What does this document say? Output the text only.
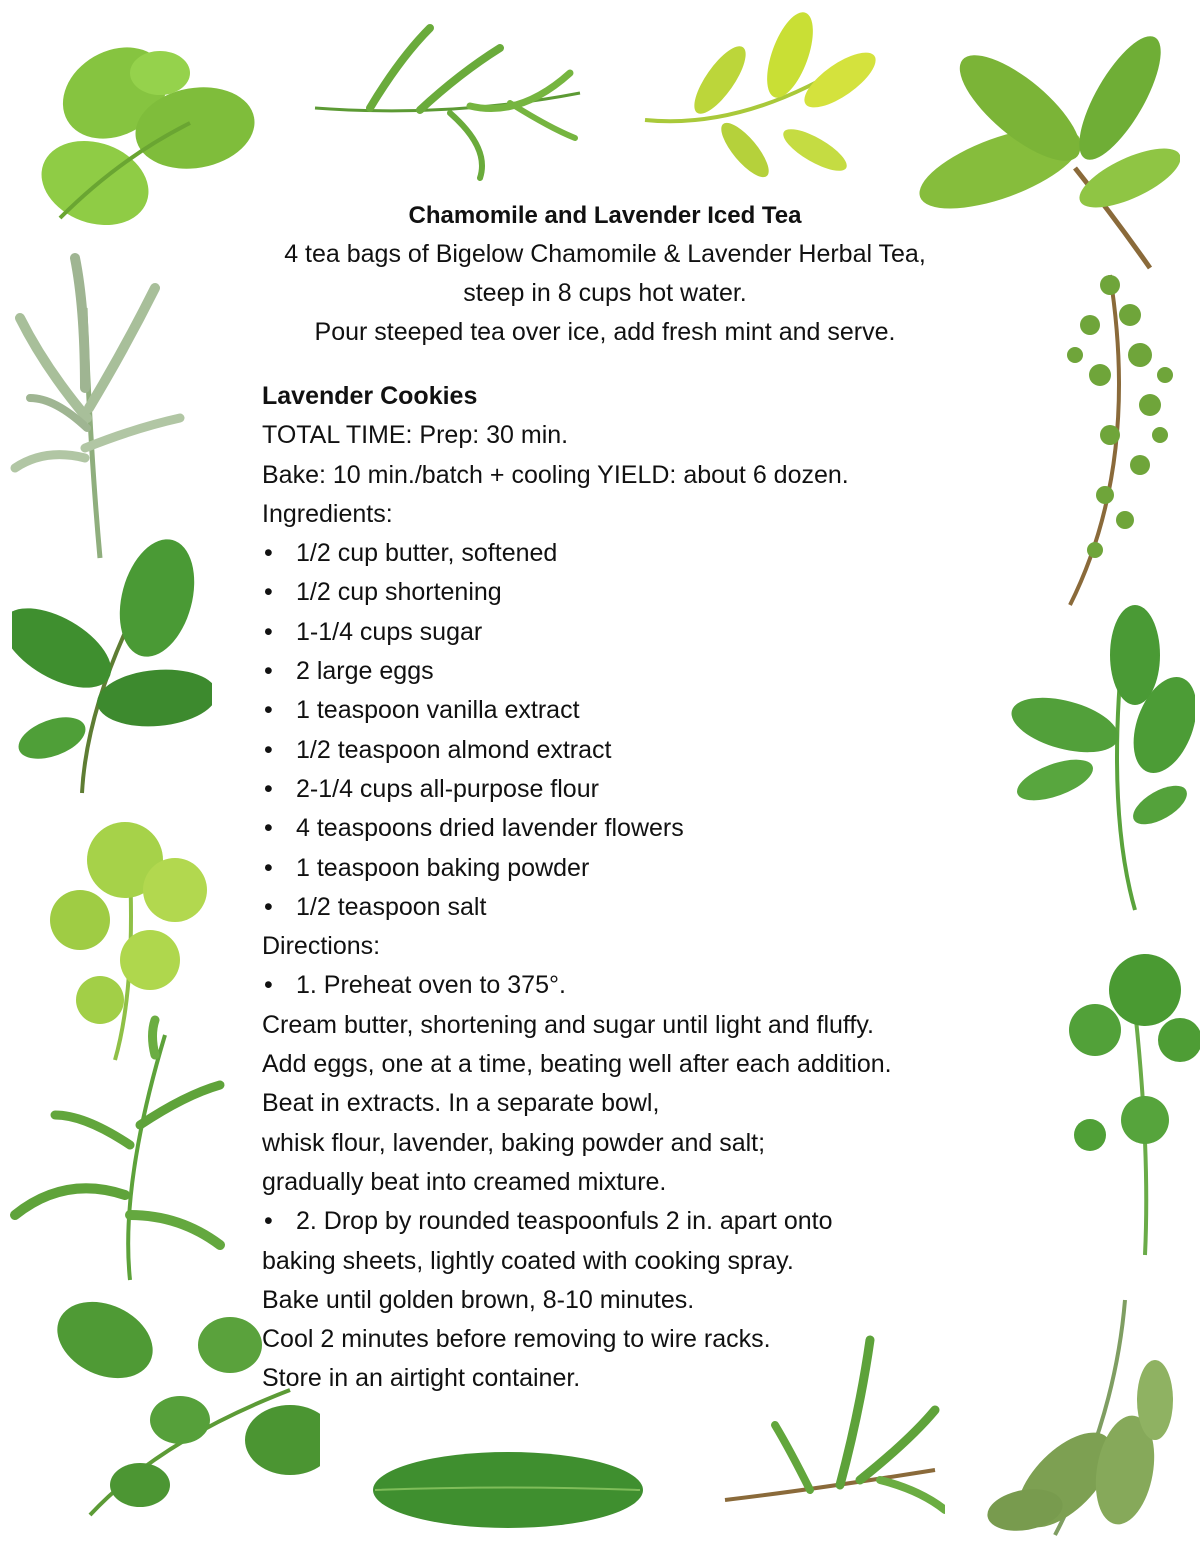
Chamomile and Lavender Iced Tea
4 tea bags of Bigelow Chamomile & Lavender Herbal Tea,
steep in 8 cups hot water.
Pour steeped tea over ice, add fresh mint and serve.
Lavender Cookies
TOTAL TIME: Prep: 30 min.
Bake: 10 min./batch + cooling YIELD: about 6 dozen.
Ingredients:
• 1/2 cup butter, softened
• 1/2 cup shortening
• 1-1/4 cups sugar
• 2 large eggs
• 1 teaspoon vanilla extract
• 1/2 teaspoon almond extract
• 2-1/4 cups all-purpose flour
• 4 teaspoons dried lavender flowers
• 1 teaspoon baking powder
• 1/2 teaspoon salt
Directions:
• 1. Preheat oven to 375°.
Cream butter, shortening and sugar until light and fluffy.
Add eggs, one at a time, beating well after each addition.
Beat in extracts. In a separate bowl,
whisk flour, lavender, baking powder and salt;
gradually beat into creamed mixture.
• 2. Drop by rounded teaspoonfuls 2 in. apart onto
baking sheets, lightly coated with cooking spray.
Bake until golden brown, 8-10 minutes.
Cool 2 minutes before removing to wire racks.
Store in an airtight container.
